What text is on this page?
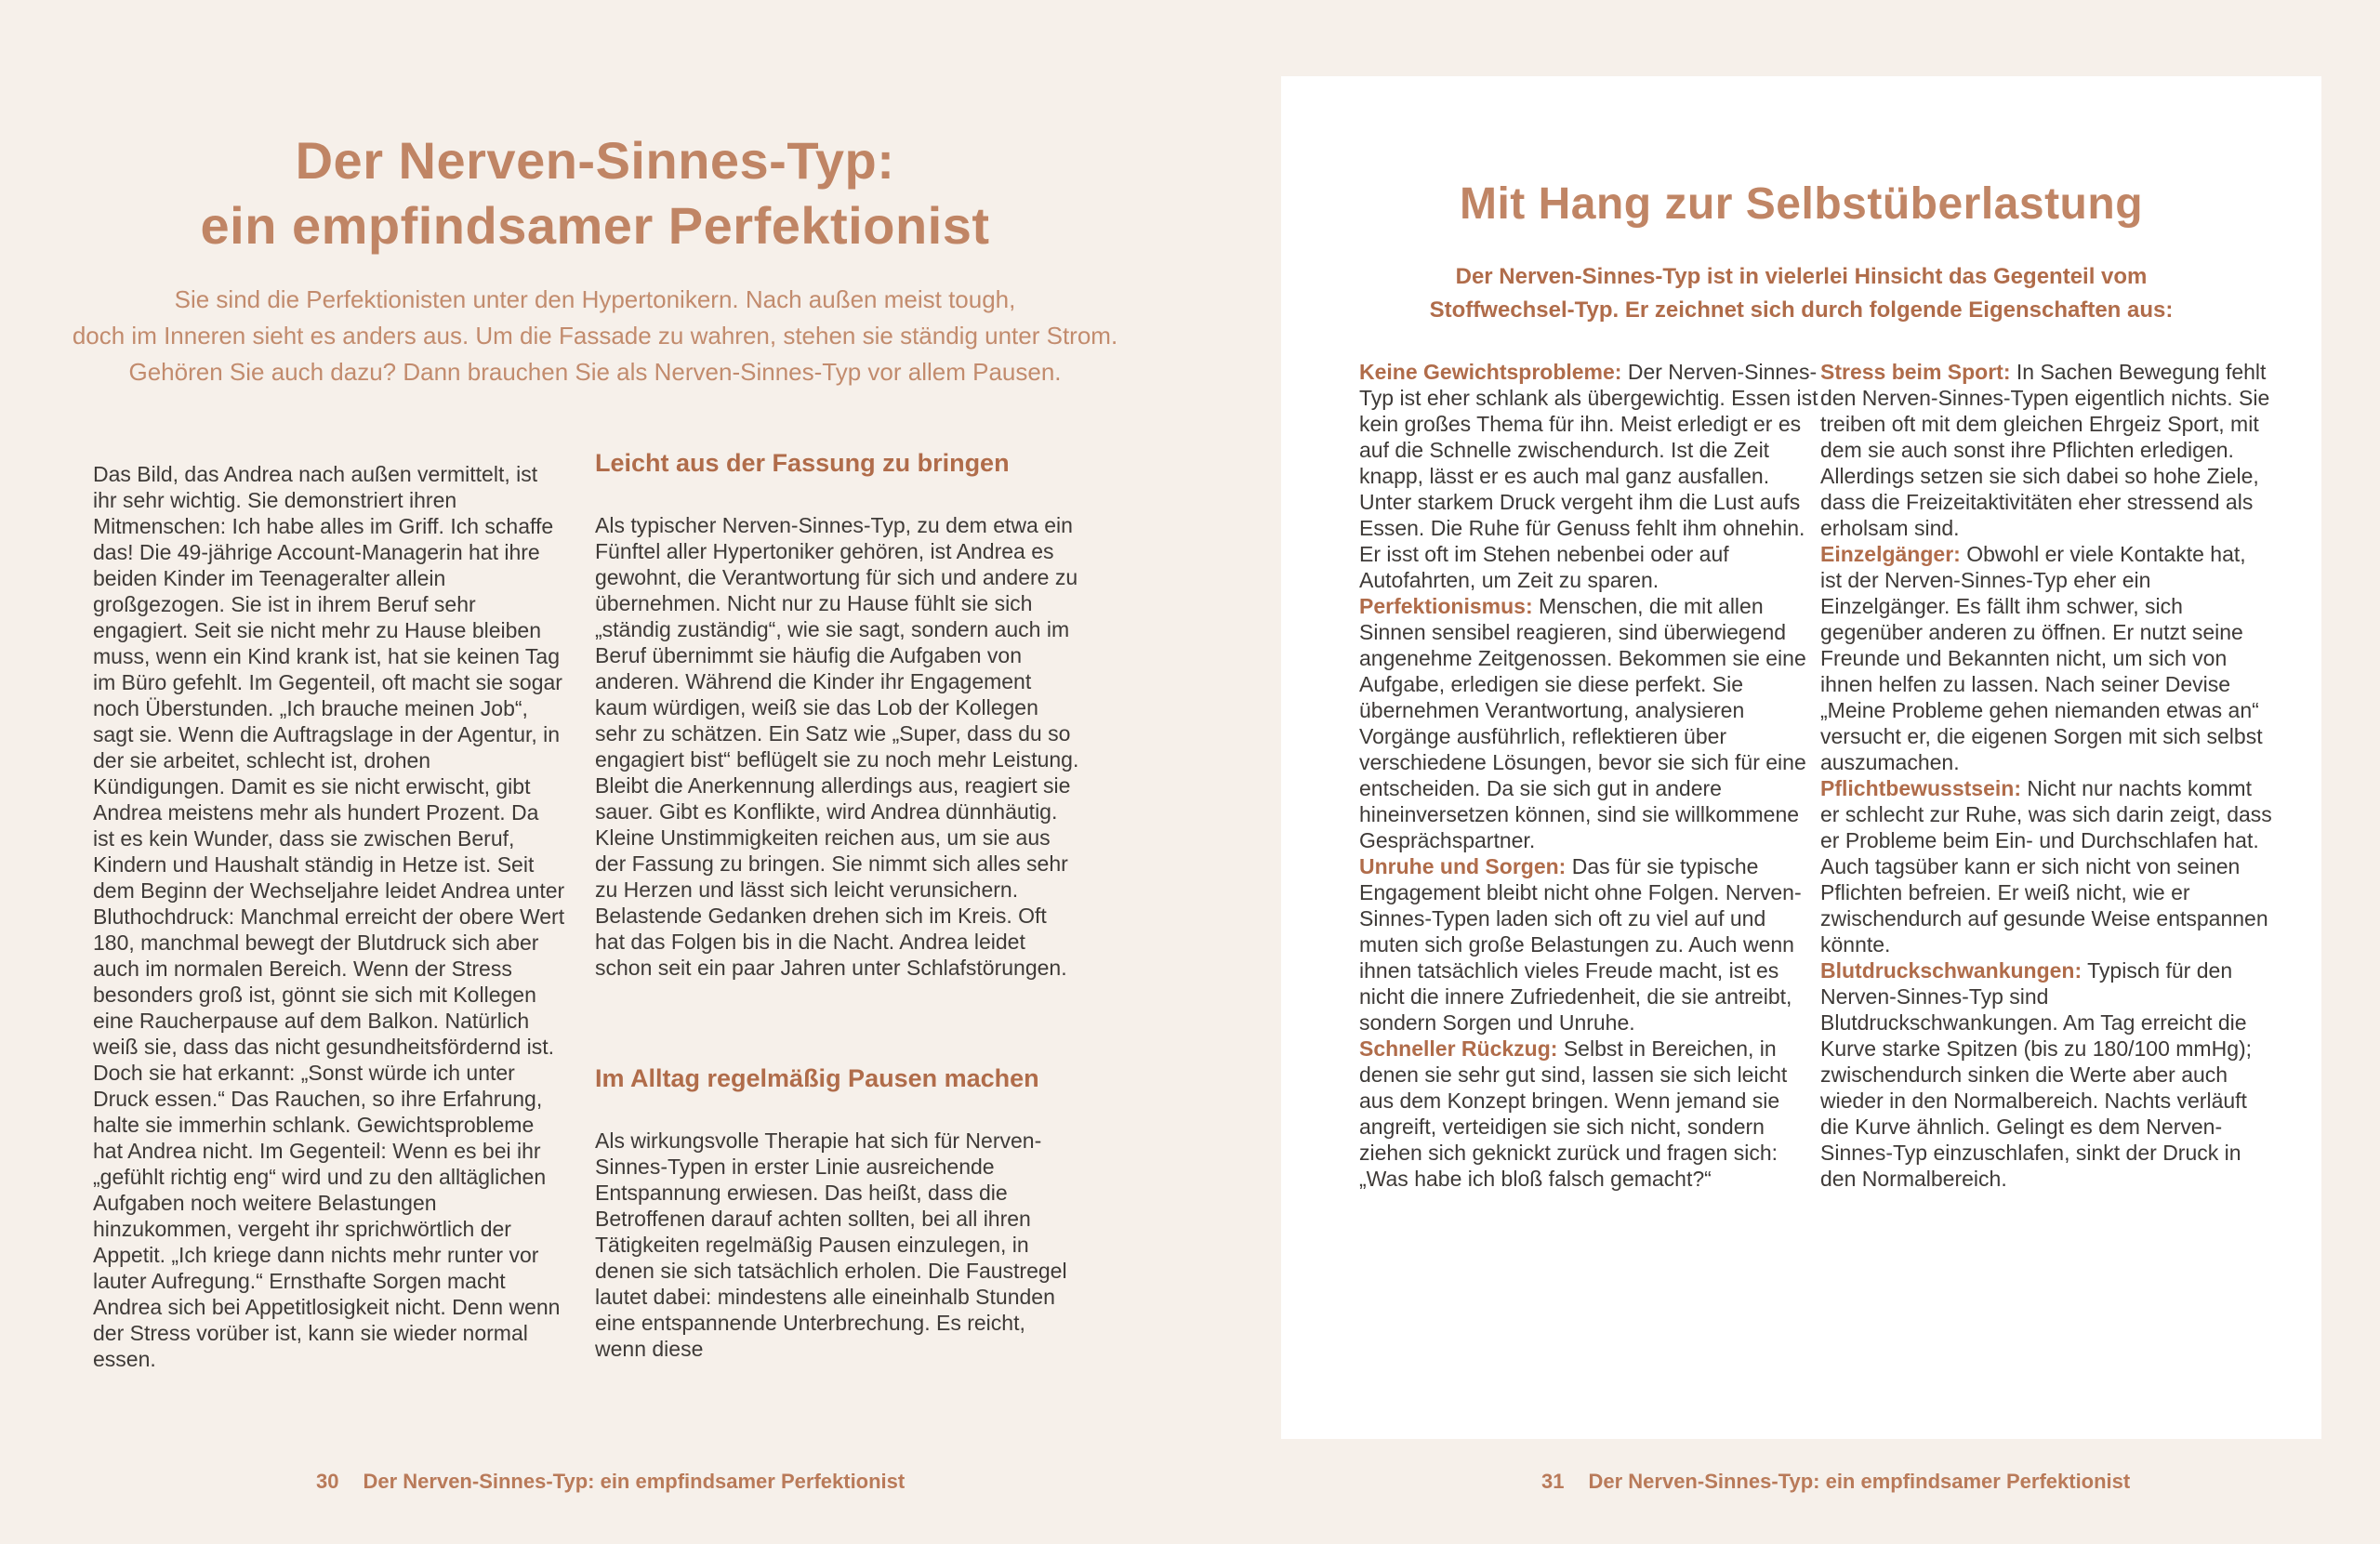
Der Nerven-Sinnes-Typ:
ein empfindsamer Perfektionist
Sie sind die Perfektionisten unter den Hypertonikern. Nach außen meist tough,
doch im Inneren sieht es anders aus. Um die Fassade zu wahren, stehen sie ständig unter Strom.
Gehören Sie auch dazu? Dann brauchen Sie als Nerven-Sinnes-Typ vor allem Pausen.

Das Bild, das Andrea nach außen vermittelt, ist ihr sehr wichtig. Sie demonstriert ihren Mitmenschen: Ich habe alles im Griff. Ich schaffe das! Die 49-jährige Account-Managerin hat ihre beiden Kinder im Teenageralter allein großgezogen. Sie ist in ihrem Beruf sehr engagiert. Seit sie nicht mehr zu Hause bleiben muss, wenn ein Kind krank ist, hat sie keinen Tag im Büro gefehlt. Im Gegenteil, oft macht sie sogar noch Überstunden. „Ich brauche meinen Job“, sagt sie. Wenn die Auftragslage in der Agentur, in der sie arbeitet, schlecht ist, drohen Kündigungen. Damit es sie nicht erwischt, gibt Andrea meistens mehr als hundert Prozent. Da ist es kein Wunder, dass sie zwischen Beruf, Kindern und Haushalt ständig in Hetze ist. Seit dem Beginn der Wechseljahre leidet Andrea unter Bluthochdruck: Manchmal erreicht der obere Wert 180, manchmal bewegt der Blutdruck sich aber auch im normalen Bereich. Wenn der Stress besonders groß ist, gönnt sie sich mit Kollegen eine Raucherpause auf dem Balkon. Natürlich weiß sie, dass das nicht gesundheitsfördernd ist. Doch sie hat erkannt: „Sonst würde ich unter Druck essen.“ Das Rauchen, so ihre Erfahrung, halte sie immerhin schlank. Gewichtsprobleme hat Andrea nicht. Im Gegenteil: Wenn es bei ihr „gefühlt richtig eng“ wird und zu den alltäglichen Aufgaben noch weitere Belastungen hinzukommen, vergeht ihr sprichwörtlich der Appetit. „Ich kriege dann nichts mehr runter vor lauter Aufregung.“ Ernsthafte Sorgen macht Andrea sich bei Appetitlosigkeit nicht. Denn wenn der Stress vorüber ist, kann sie wieder normal essen.

Leicht aus der Fassung zu bringen

Als typischer Nerven-Sinnes-Typ, zu dem etwa ein Fünftel aller Hypertoniker gehören, ist Andrea es gewohnt, die Verantwortung für sich und andere zu übernehmen. Nicht nur zu Hause fühlt sie sich „ständig zuständig“, wie sie sagt, sondern auch im Beruf übernimmt sie häufig die Aufgaben von anderen. Während die Kinder ihr Engagement kaum würdigen, weiß sie das Lob der Kollegen sehr zu schätzen. Ein Satz wie „Super, dass du so engagiert bist“ beflügelt sie zu noch mehr Leistung. Bleibt die Anerkennung allerdings aus, reagiert sie sauer. Gibt es Konflikte, wird Andrea dünnhäutig. Kleine Unstimmigkeiten reichen aus, um sie aus der Fassung zu bringen. Sie nimmt sich alles sehr zu Herzen und lässt sich leicht verunsichern. Belastende Gedanken drehen sich im Kreis. Oft hat das Folgen bis in die Nacht. Andrea leidet schon seit ein paar Jahren unter Schlafstörungen.

Im Alltag regelmäßig Pausen machen

Als wirkungsvolle Therapie hat sich für Nerven-Sinnes-Typen in erster Linie ausreichende Entspannung erwiesen. Das heißt, dass die Betroffenen darauf achten sollten, bei all ihren Tätigkeiten regelmäßig Pausen einzulegen, in denen sie sich tatsächlich erholen. Die Faustregel lautet dabei: mindestens alle eineinhalb Stunden eine entspannende Unterbrechung. Es reicht, wenn diese

30 Der Nerven-Sinnes-Typ: ein empfindsamer Perfektionist
Mit Hang zur Selbstüberlastung
Der Nerven-Sinnes-Typ ist in vielerlei Hinsicht das Gegenteil vom
Stoffwechsel-Typ. Er zeichnet sich durch folgende Eigenschaften aus:

Keine Gewichtsprobleme: Der Nerven-Sinnes-Typ ist eher schlank als übergewichtig. Essen ist kein großes Thema für ihn. Meist erledigt er es auf die Schnelle zwischendurch. Ist die Zeit knapp, lässt er es auch mal ganz ausfallen. Unter starkem Druck vergeht ihm die Lust aufs Essen. Die Ruhe für Genuss fehlt ihm ohnehin. Er isst oft im Stehen nebenbei oder auf Autofahrten, um Zeit zu sparen.

Perfektionismus: Menschen, die mit allen Sinnen sensibel reagieren, sind überwiegend angenehme Zeitgenossen. Bekommen sie eine Aufgabe, erledigen sie diese perfekt. Sie übernehmen Verantwortung, analysieren Vorgänge ausführlich, reflektieren über verschiedene Lösungen, bevor sie sich für eine entscheiden. Da sie sich gut in andere hineinversetzen können, sind sie willkommene Gesprächspartner.

Unruhe und Sorgen: Das für sie typische Engagement bleibt nicht ohne Folgen. Nerven-Sinnes-Typen laden sich oft zu viel auf und muten sich große Belastungen zu. Auch wenn ihnen tatsächlich vieles Freude macht, ist es nicht die innere Zufriedenheit, die sie antreibt, sondern Sorgen und Unruhe.

Schneller Rückzug: Selbst in Bereichen, in denen sie sehr gut sind, lassen sie sich leicht aus dem Konzept bringen. Wenn jemand sie angreift, verteidigen sie sich nicht, sondern ziehen sich geknickt zurück und fragen sich: „Was habe ich bloß falsch gemacht?“

Stress beim Sport: In Sachen Bewegung fehlt den Nerven-Sinnes-Typen eigentlich nichts. Sie treiben oft mit dem gleichen Ehrgeiz Sport, mit dem sie auch sonst ihre Pflichten erledigen. Allerdings setzen sie sich dabei so hohe Ziele, dass die Freizeitaktivitäten eher stressend als erholsam sind.

Einzelgänger: Obwohl er viele Kontakte hat, ist der Nerven-Sinnes-Typ eher ein Einzelgänger. Es fällt ihm schwer, sich gegenüber anderen zu öffnen. Er nutzt seine Freunde und Bekannten nicht, um sich von ihnen helfen zu lassen. Nach seiner Devise „Meine Probleme gehen niemanden etwas an“ versucht er, die eigenen Sorgen mit sich selbst auszumachen.

Pflichtbewusstsein: Nicht nur nachts kommt er schlecht zur Ruhe, was sich darin zeigt, dass er Probleme beim Ein- und Durchschlafen hat. Auch tagsüber kann er sich nicht von seinen Pflichten befreien. Er weiß nicht, wie er zwischendurch auf gesunde Weise entspannen könnte.

Blutdruckschwankungen: Typisch für den Nerven-Sinnes-Typ sind Blutdruckschwankungen. Am Tag erreicht die Kurve starke Spitzen (bis zu 180/100 mmHg); zwischendurch sinken die Werte aber auch wieder in den Normalbereich. Nachts verläuft die Kurve ähnlich. Gelingt es dem Nerven-Sinnes-Typ einzuschlafen, sinkt der Druck in den Normalbereich.

31 Der Nerven-Sinnes-Typ: ein empfindsamer Perfektionist
